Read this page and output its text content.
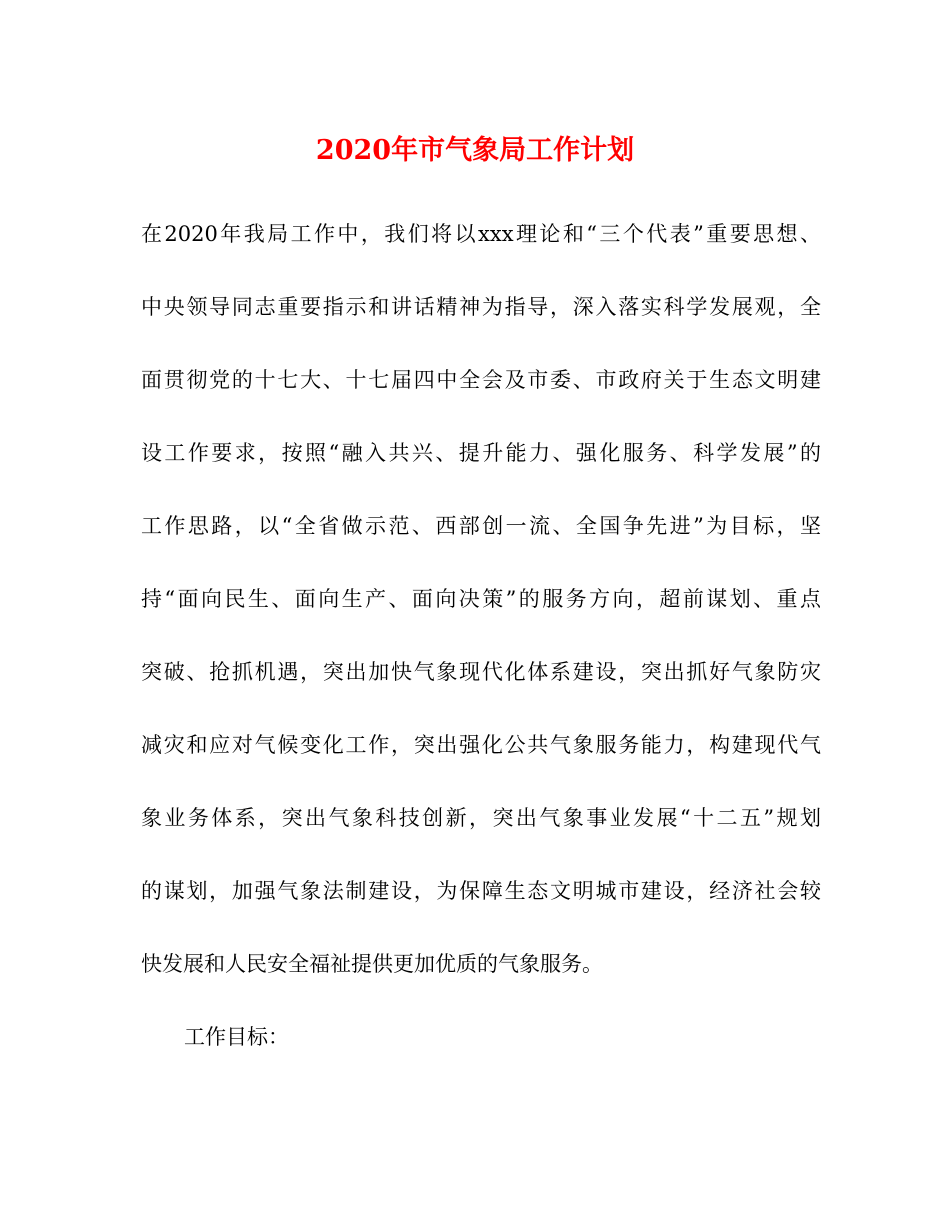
2020年市气象局工作计划
在2020年我局工作中，我们将以xxx理论和“三个代表”重要思想、
中央领导同志重要指示和讲话精神为指导，深入落实科学发展观，全
面贯彻党的十七大、十七届四中全会及市委、市政府关于生态文明建
设工作要求，按照“融入共兴、提升能力、强化服务、科学发展”的
工作思路，以“全省做示范、西部创一流、全国争先进”为目标，坚
持“面向民生、面向生产、面向决策”的服务方向，超前谋划、重点
突破、抢抓机遇，突出加快气象现代化体系建设，突出抓好气象防灾
减灾和应对气候变化工作，突出强化公共气象服务能力，构建现代气
象业务体系，突出气象科技创新，突出气象事业发展“十二五”规划
的谋划，加强气象法制建设，为保障生态文明城市建设，经济社会较
快发展和人民安全福祉提供更加优质的气象服务。
工作目标：
